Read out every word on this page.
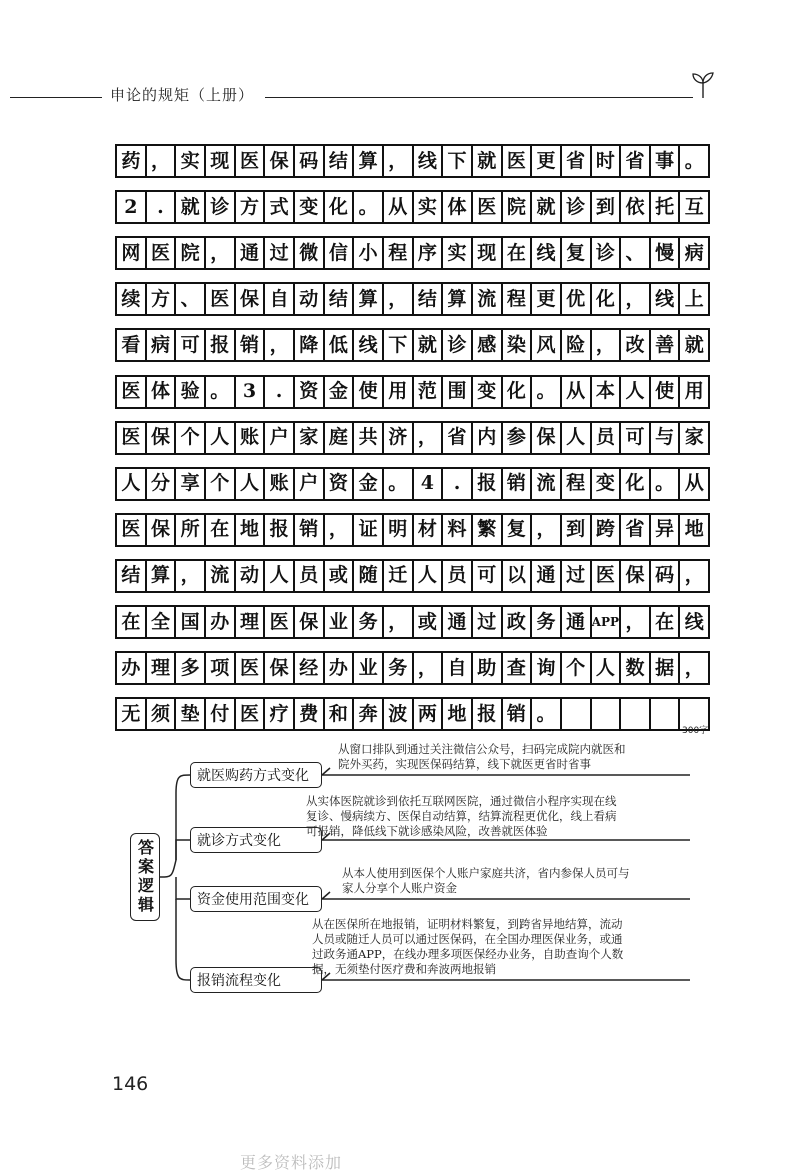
申论的规矩（上册）
药 ， 实 现 医 保 码 结 算 ， 线 下 就 医 更 省 时 省 事 。
2	. 就 诊 方 式 变 化 。 从 实 体 医 院 就 诊 到 依 托 互
网 医 院 ， 通 过 微 信 小 程 序 实 现 在 线 复 诊 、 慢 病
续 方 、 医 保 自 动 结 算 ， 结 算 流 程 更 优 化 ， 线 上
看 病 可 报 销 ， 降 低 线 下 就 诊 感 染 风 险 ， 改 善 就
医 体 验 。 3	. 资 金 使 用 范 围 变 化 。 从 本 人 使 用
医 保 个 人 账 户 家 庭 共 济 ， 省 内 参 保 人 员 可 与 家
人 分 享 个 人 账 户 资 金 。 4	. 报 销 流 程 变 化 。 从
医 保 所 在 地 报 销 ， 证 明 材 料 繁 复 ， 到 跨 省 异 地
结 算 ， 流 动 人 员 或 随 迁 人 员 可 以 通 过 医 保 码 ，
在 全 国 办 理 医 保 业 务 ， 或 通 过 政 务 通 APP ， 在 线
办 理 多 项 医 保 经 办 业 务 ， 自 助 查 询 个 人 数 据 ，
无 须 垫 付 医 疗 费 和 奔 波 两 地 报 销 。
300字
答案逻辑
就医购药方式变化
就诊方式变化
资金使用范围变化
报销流程变化
从窗口排队到通过关注微信公众号，扫码完成院内就医和
院外买药，实现医保码结算，线下就医更省时省事
从实体医院就诊到依托互联网医院，通过微信小程序实现在线
复诊、慢病续方、医保自动结算，结算流程更优化，线上看病
可报销，降低线下就诊感染风险，改善就医体验
从本人使用到医保个人账户家庭共济，省内参保人员可与
家人分享个人账户资金
从在医保所在地报销，证明材料繁复，到跨省异地结算，流动
人员或随迁人员可以通过医保码，在全国办理医保业务，或通
过政务通APP，在线办理多项医保经办业务，自助查询个人数
据，无须垫付医疗费和奔波两地报销
146
更多资料添加
